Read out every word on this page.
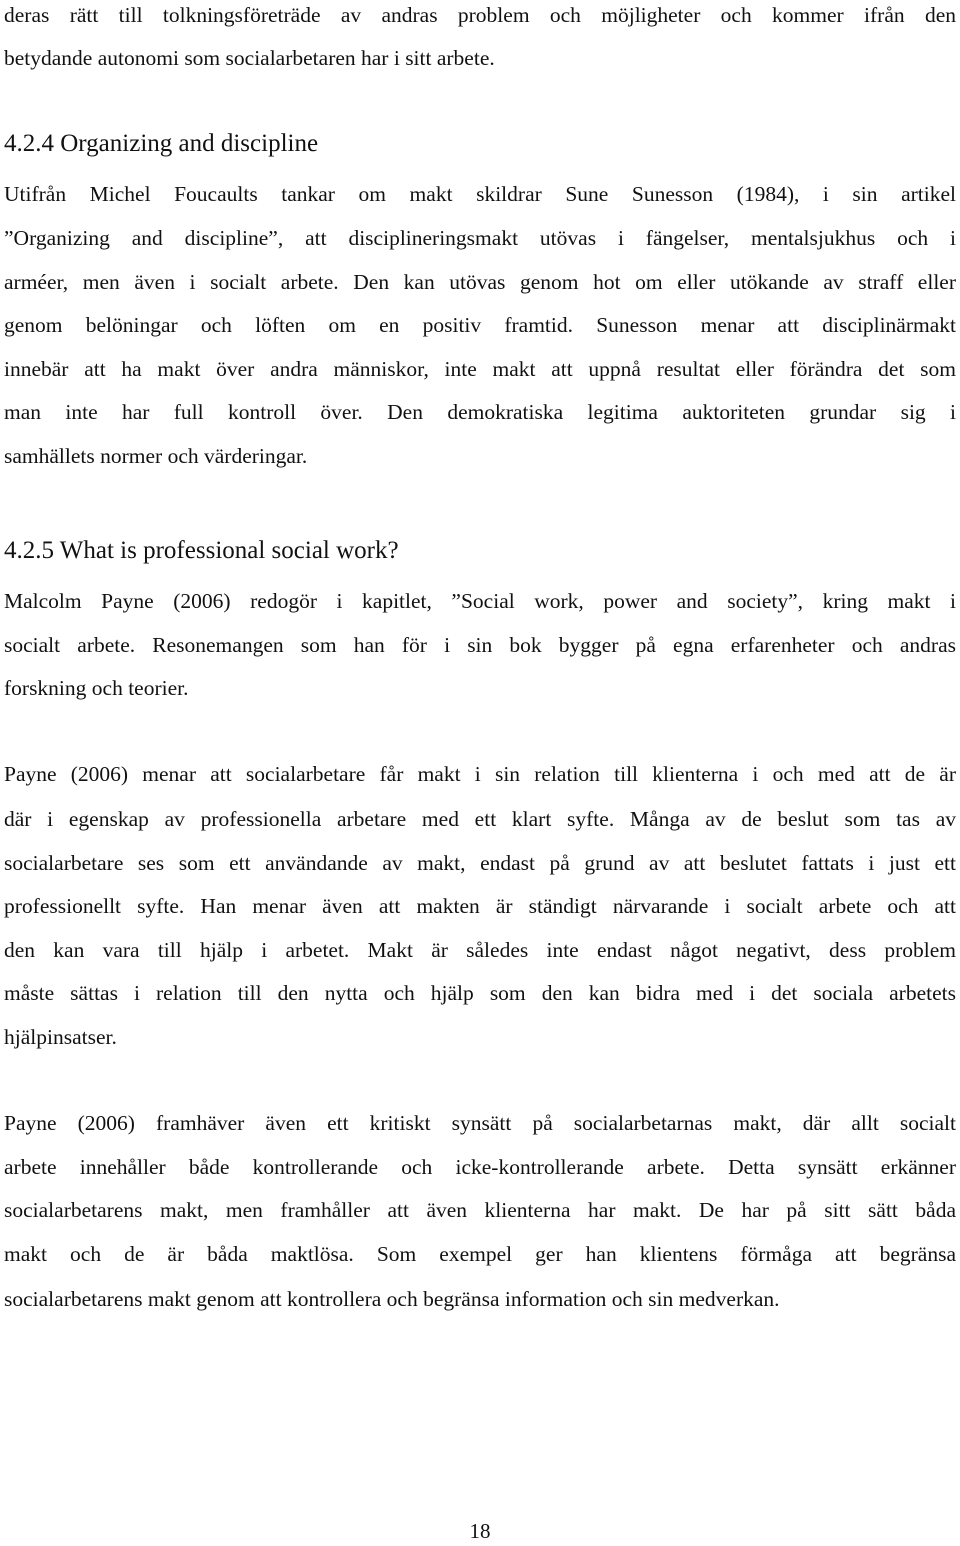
deras rätt till tolkningsföreträde av andras problem och möjligheter och kommer ifrån den
betydande autonomi som socialarbetaren har i sitt arbete.
4.2.4 Organizing and discipline
Utifrån Michel Foucaults tankar om makt skildrar Sune Sunesson (1984), i sin artikel
”Organizing and discipline”, att disciplineringsmakt utövas i fängelser, mentalsjukhus och i
arméer, men även i socialt arbete. Den kan utövas genom hot om eller utökande av straff eller
genom belöningar och löften om en positiv framtid. Sunesson menar att disciplinärmakt
innebär att ha makt över andra människor, inte makt att uppnå resultat eller förändra det som
man inte har full kontroll över. Den demokratiska legitima auktoriteten grundar sig i
samhällets normer och värderingar.
4.2.5 What is professional social work?
Malcolm Payne (2006) redogör i kapitlet, ”Social work, power and society”, kring makt i
socialt arbete. Resonemangen som han för i sin bok bygger på egna erfarenheter och andras
forskning och teorier.
Payne (2006) menar att socialarbetare får makt i sin relation till klienterna i och med att de är
där i egenskap av professionella arbetare med ett klart syfte. Många av de beslut som tas av
socialarbetare ses som ett användande av makt, endast på grund av att beslutet fattats i just ett
professionellt syfte. Han menar även att makten är ständigt närvarande i socialt arbete och att
den kan vara till hjälp i arbetet. Makt är således inte endast något negativt, dess problem
måste sättas i relation till den nytta och hjälp som den kan bidra med i det sociala arbetets
hjälpinsatser.
Payne (2006) framhäver även ett kritiskt synsätt på socialarbetarnas makt, där allt socialt
arbete innehåller både kontrollerande och icke-kontrollerande arbete. Detta synsätt erkänner
socialarbetarens makt, men framhåller att även klienterna har makt. De har på sitt sätt båda
makt och de är båda maktlösa. Som exempel ger han klientens förmåga att begränsa
socialarbetarens makt genom att kontrollera och begränsa information och sin medverkan.
18
